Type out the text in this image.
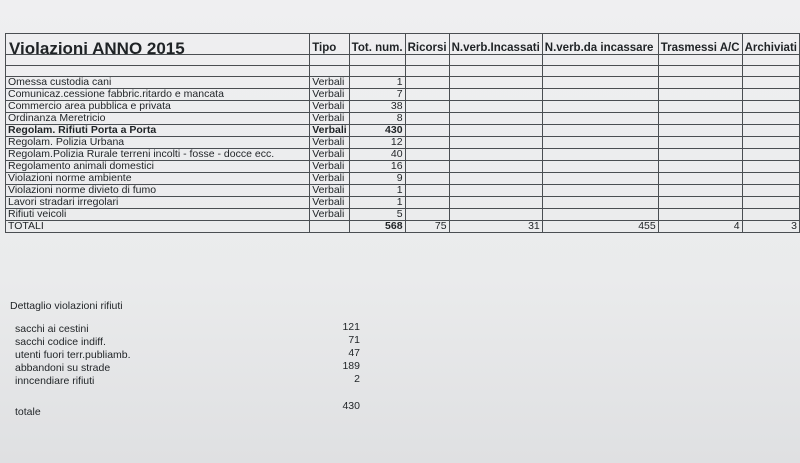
Violazioni ANNO 2015	Tipo	Tot. num.	Ricorsi	N.verb.Incassati	N.verb.da incassare	Trasmessi A/C	Archiviati

Omessa custodia cani	Verbali	1					
Comunicaz.cessione fabbric.ritardo e mancata	Verbali	7					
Commercio area pubblica e privata	Verbali	38					
Ordinanza Meretricio	Verbali	8					
Regolam. Rifiuti Porta a Porta	Verbali	430					
Regolam. Polizia Urbana	Verbali	12					
Regolam.Polizia Rurale terreni incolti - fosse - docce ecc.	Verbali	40					
Regolamento animali domestici	Verbali	16					
Violazioni norme ambiente	Verbali	9					
Violazioni norme divieto di fumo	Verbali	1					
Lavori stradari irregolari	Verbali	1					
Rifiuti veicoli	Verbali	5					
TOTALI		568	75	31	455	4	3
Dettaglio violazioni rifiuti
sacchi ai cestini	121
sacchi codice indiff.	71
utenti fuori terr.publiamb.	47
abbandoni su strade	189
inncendiare rifiuti	2
totale	430
